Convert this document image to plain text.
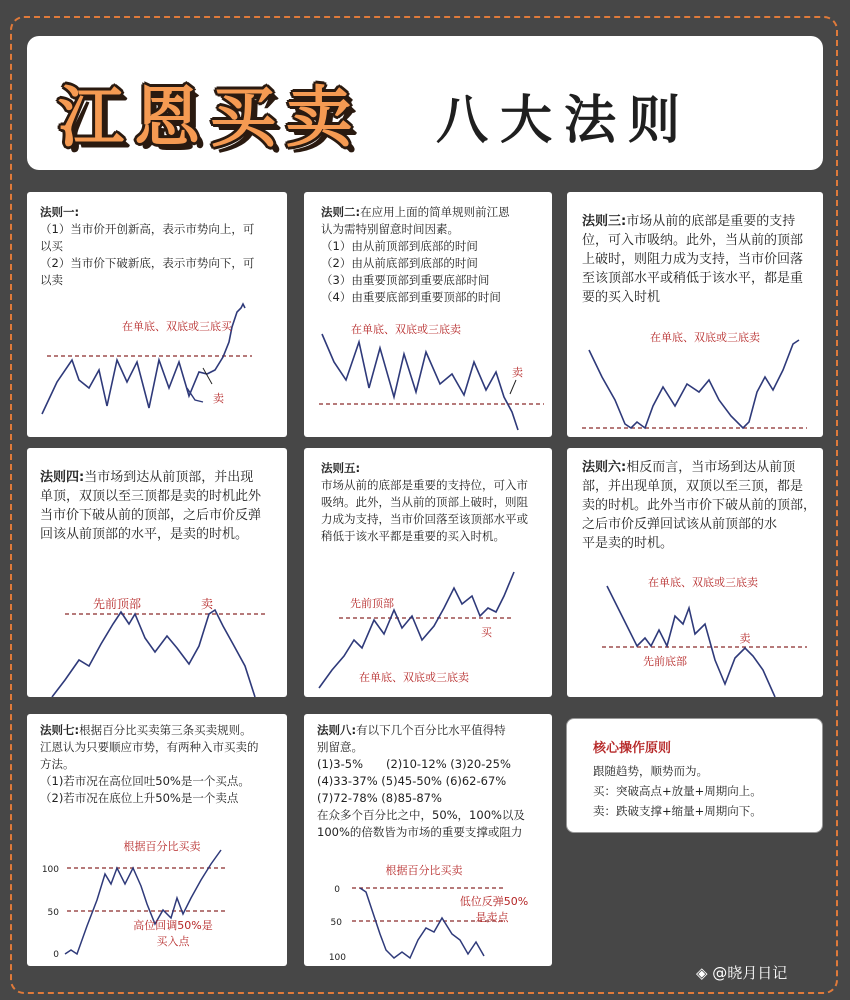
江恩买卖 八大法则
法则一:
（1）当市价开创新高，表示市势向上，可
以买
（2）当市价下破新底，表示市势向下，可
以卖
在单底、双底或三底买
卖
法则二:在应用上面的简单规则前江恩
认为需特别留意时间因素。
（1）由从前顶部到底部的时间
（2）由从前底部到底部的时间
（3）由重要顶部到重要底部时间
（4）由重要底部到重要顶部的时间
在单底、双底或三底卖
卖
法则三:市场从前的底部是重要的支持
位，可入市吸纳。此外，当从前的顶部
上破时，则阻力成为支持，当市价回落
至该顶部水平或稍低于该水平，都是重
要的买入时机
在单底、双底或三底卖
法则四:当市场到达从前顶部，并出现
单顶，双顶以至三顶都是卖的时机此外
当市价下破从前的顶部，之后市价反弹
回该从前顶部的水平，是卖的时机。
先前顶部	卖
法则五:
市场从前的底部是重要的支持位，可入市
吸纳。此外，当从前的顶部上破时，则阻
力成为支持，当市价回落至该顶部水平或
稍低于该水平都是重要的买入时机。
先前顶部
在单底、双底或三底卖
买
法则六:相反而言，当市场到达从前顶
部，并出现单顶，双顶以至三顶，都是
卖的时机。此外当市价下破从前的顶部，
之后市价反弹回试该从前顶部的水
平是卖的时机。
在单底、双底或三底卖
先前底部
卖
法则七:根据百分比买卖第三条买卖规则。
江恩认为只要顺应市势，有两种入市买卖的
方法。
（1)若市况在高位回吐50%是一个买点。
（2)若市况在底位上升50%是一个卖点
100
50
0
根据百分比买卖
高位回调50%是
买入点
法则八:有以下几个百分比水平值得特
别留意。
(1)3-5%　　(2)10-12% (3)20-25%
(4)33-37% (5)45-50% (6)62-67%
(7)72-78% (8)85-87%
在众多个百分比之中，50%，100%以及
100%的倍数皆为市场的重要支撑或阻力
0
50
100
根据百分比买卖
低位反弹50%
是卖点
核心操作原则
跟随趋势，顺势而为。
买：突破高点+放量+周期向上。
卖：跌破支撑+缩量+周期向下。
◈ @晓月日记
